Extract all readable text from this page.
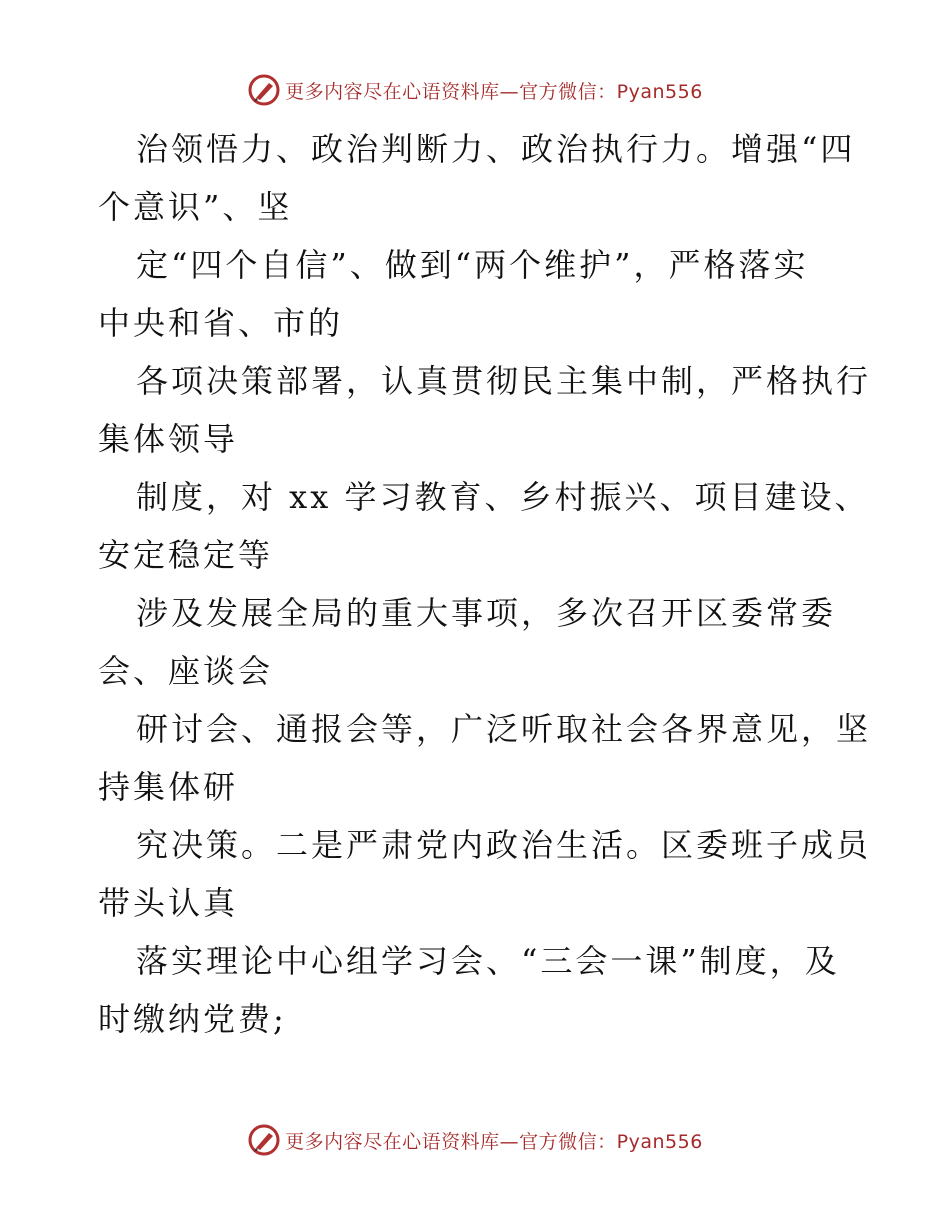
更多内容尽在心语资料库—官方微信：Pyan556
治领悟力、政治判断力、政治执行力。增强“四
个意识”、坚
定“四个自信”、做到“两个维护”，严格落实
中央和省、市的
各项决策部署，认真贯彻民主集中制，严格执行
集体领导
制度，对 xx 学习教育、乡村振兴、项目建设、
安定稳定等
涉及发展全局的重大事项，多次召开区委常委
会、座谈会
研讨会、通报会等，广泛听取社会各界意见，坚
持集体研
究决策。二是严肃党内政治生活。区委班子成员
带头认真
落实理论中心组学习会、“三会一课”制度，及
时缴纳党费;
更多内容尽在心语资料库—官方微信：Pyan556
